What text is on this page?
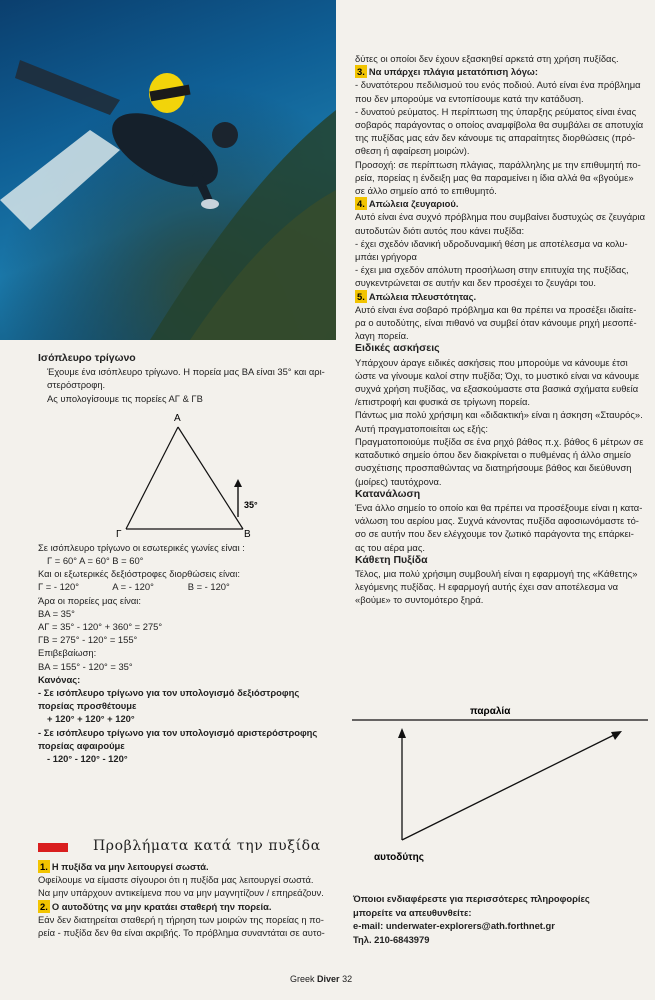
Ισόπλευρο τρίγωνο

Έχουμε ένα ισόπλευρο τρίγωνο. Η πορεία μας ΒΑ είναι 35° και αρι-

στερόστροφη.

Ας υπολογίσουμε τις πορείες ΑΓ & ΓΒ

Α
Γ	Β
35°

Σε ισόπλευρο τρίγωνο οι εσωτερικές γωνίες είναι :

Γ = 60° Α = 60° Β = 60°

Και οι εξωτερικές δεξιόστροφες διορθώσεις είναι:

Γ = - 120°             Α = - 120°             Β = - 120°

Άρα οι πορείες μας είναι:

ΒΑ = 35°

ΑΓ = 35° - 120° + 360° = 275°

ΓΒ = 275° - 120° = 155°

Επιβεβαίωση:

ΒΑ = 155° - 120° = 35°

Κανόνας:

- Σε ισόπλευρο τρίγωνο για τον υπολογισμό δεξιόστροφης πορείας προσθέτουμε

+ 120° + 120° + 120°

- Σε ισόπλευρο τρίγωνο για τον υπολογισμό αριστερόστροφης πορείας αφαιρούμε

- 120° - 120° - 120°

Προβλήματα κατά την πυξίδα

1. Η πυξίδα να μην λειτουργεί σωστά.

Οφείλουμε να είμαστε σίγουροι ότι η πυξίδα μας λειτουργεί σωστά.

Να μην υπάρχουν αντικείμενα που να μην μαγνητίζουν / επηρεάζουν.

2. Ο αυτοδύτης να μην κρατάει σταθερή την πορεία.

Εάν δεν διατηρείται σταθερή η τήρηση των μοιρών της πορείας η πο-

ρεία - πυξίδα δεν θα είναι ακριβής. Το πρόβλημα συναντάται σε αυτο-

δύτες οι οποίοι δεν έχουν εξασκηθεί αρκετά στη χρήση πυξίδας.

3. Να υπάρχει πλάγια μετατόπιση λόγω:

- δυνατότερου πεδιλισμού του ενός ποδιού. Αυτό είναι ένα πρόβλημα

που δεν μπορούμε να εντοπίσουμε κατά την κατάδυση.

- δυνατού ρεύματος. Η περίπτωση της ύπαρξης ρεύματος είναι ένας

σοβαρός παράγοντας ο οποίος αναμφίβολα θα συμβάλει σε αποτυχία

της πυξίδας μας εάν δεν κάνουμε τις απαραίτητες διορθώσεις (πρό-

σθεση ή αφαίρεση μοιρών).

Προσοχή: σε περίπτωση πλάγιας, παράλληλης με την επιθυμητή πο-

ρεία, πορείας η ένδειξη μας θα παραμείνει η ίδια αλλά θα «βγούμε»

σε άλλο σημείο από το επιθυμητό.

4. Απώλεια ζευγαριού.

Αυτό είναι ένα συχνό πρόβλημα που συμβαίνει δυστυχώς σε ζευγάρια

αυτοδυτών διότι αυτός που κάνει πυξίδα:

- έχει σχεδόν ιδανική υδροδυναμική θέση με αποτέλεσμα να κολυ-

μπάει γρήγορα

- έχει μια σχεδόν απόλυτη προσήλωση στην επιτυχία της πυξίδας,

συγκεντρώνεται σε αυτήν και δεν προσέχει το ζευγάρι του.

5. Απώλεια πλευστότητας.

Αυτό είναι ένα σοβαρό πρόβλημα και θα πρέπει να προσέξει ιδιαίτε-

ρα ο αυτοδύτης, είναι πιθανό να συμβεί όταν κάνουμε ρηχή μεσοπέ-

λαγη πορεία.

Ειδικές ασκήσεις

Υπάρχουν άραγε ειδικές ασκήσεις που μπορούμε να κάνουμε έτσι

ώστε να γίνουμε καλοί στην πυξίδα; Όχι, το μυστικό είναι να κάνουμε

συχνά χρήση πυξίδας, να εξασκούμαστε στα βασικά σχήματα ευθεία

/επιστροφή και φυσικά σε τρίγωνη πορεία.

Πάντως μια πολύ χρήσιμη και «διδακτική» είναι η άσκηση «Σταυρός».

Αυτή πραγματοποιείται ως εξής:

Πραγματοποιούμε πυξίδα σε ένα ρηχό βάθος π.χ. βάθος 6 μέτρων σε

καταδυτικό σημείο όπου δεν διακρίνεται ο πυθμένας ή άλλο σημείο

συσχέτισης προσπαθώντας να διατηρήσουμε βάθος και διεύθυνση

(μοίρες) ταυτόχρονα.

Κατανάλωση

Ένα άλλο σημείο το οποίο και θα πρέπει να προσέξουμε είναι η κατα-

νάλωση του αερίου μας. Συχνά κάνοντας πυξίδα αφοσιωνόμαστε τό-

σο σε αυτήν που δεν ελέγχουμε τον ζωτικό παράγοντα της επάρκει-

ας του αέρα μας.

Κάθετη Πυξίδα

Τέλος, μια πολύ χρήσιμη συμβουλή είναι η εφαρμογή της «Κάθετης»

λεγόμενης πυξίδας. Η εφαρμογή αυτής έχει σαν αποτέλεσμα να

«βούμε» το συντομότερο ξηρά.

παραλία
αυτοδύτης

Όποιοι ενδιαφέρεστε για περισσότερες πληροφορίες

μπορείτε να απευθυνθείτε:

e-mail: underwater-explorers@ath.forthnet.gr

Τηλ. 210-6843979

Greek Diver 32
